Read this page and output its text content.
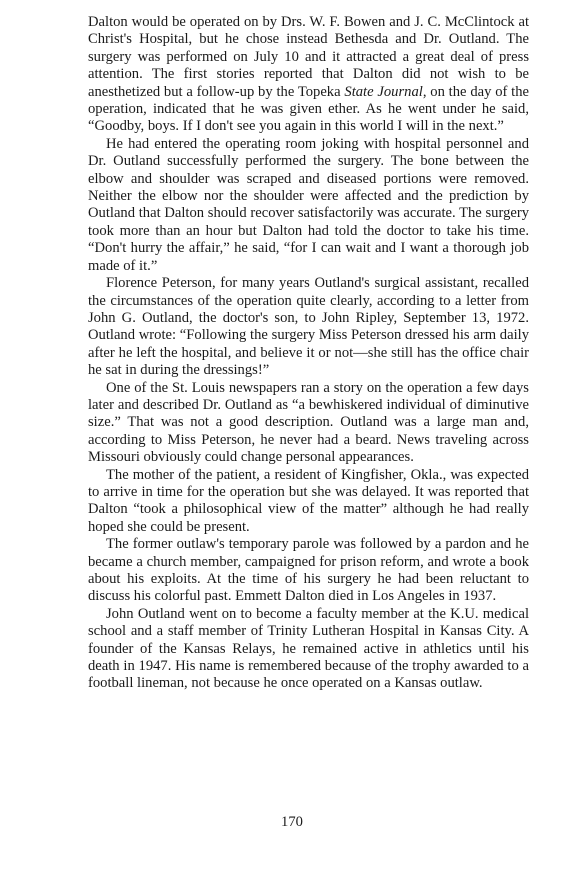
Dalton would be operated on by Drs. W. F. Bowen and J. C. McClintock at Christ's Hospital, but he chose instead Bethesda and Dr. Outland. The surgery was performed on July 10 and it attracted a great deal of press attention. The first stories reported that Dalton did not wish to be anesthetized but a follow-up by the Topeka State Journal, on the day of the operation, indicated that he was given ether. As he went under he said, “Goodby, boys. If I don't see you again in this world I will in the next.”

He had entered the operating room joking with hospital personnel and Dr. Outland successfully performed the surgery. The bone between the elbow and shoulder was scraped and diseased portions were removed. Neither the elbow nor the shoulder were affected and the prediction by Outland that Dalton should recover satisfactorily was accurate. The surgery took more than an hour but Dalton had told the doctor to take his time. “Don't hurry the affair,” he said, “for I can wait and I want a thorough job made of it.”

Florence Peterson, for many years Outland's surgical assistant, recalled the circumstances of the operation quite clearly, according to a letter from John G. Outland, the doctor's son, to John Ripley, September 13, 1972. Outland wrote: “Following the surgery Miss Peterson dressed his arm daily after he left the hospital, and believe it or not—she still has the office chair he sat in during the dressings!”

One of the St. Louis newspapers ran a story on the operation a few days later and described Dr. Outland as “a bewhiskered individual of diminutive size.” That was not a good description. Outland was a large man and, according to Miss Peterson, he never had a beard. News traveling across Missouri obviously could change personal appearances.

The mother of the patient, a resident of Kingfisher, Okla., was expected to arrive in time for the operation but she was delayed. It was reported that Dalton “took a philosophical view of the matter” although he had really hoped she could be present.

The former outlaw's temporary parole was followed by a pardon and he became a church member, campaigned for prison reform, and wrote a book about his exploits. At the time of his surgery he had been reluctant to discuss his colorful past. Emmett Dalton died in Los Angeles in 1937.

John Outland went on to become a faculty member at the K.U. medical school and a staff member of Trinity Lutheran Hospital in Kansas City. A founder of the Kansas Relays, he remained active in athletics until his death in 1947. His name is remembered because of the trophy awarded to a football lineman, not because he once operated on a Kansas outlaw.

170
